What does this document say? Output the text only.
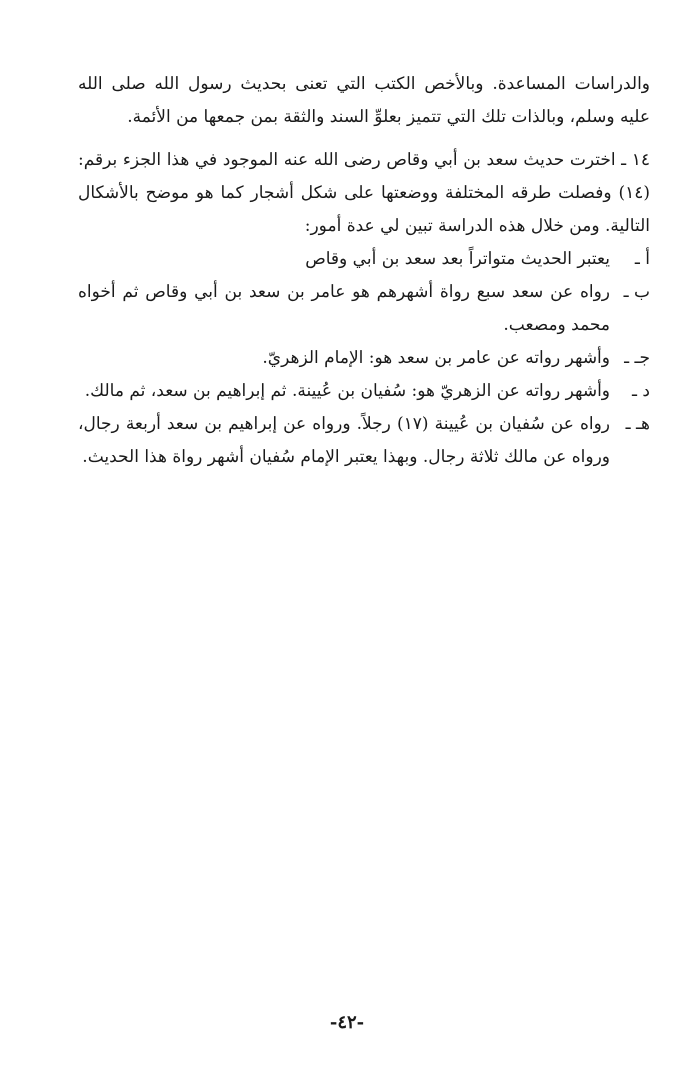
والدراسات المساعدة. وبالأخص الكتب التي تعنى بحديث رسول الله صلى الله عليه وسلم، وبالذات تلك التي تتميز بعلوِّ السند والثقة بمن جمعها من الأئمة.

١٤ ـ اخترت حديث سعد بن أبي وقاص رضى الله عنه الموجود في هذا الجزء برقم: (١٤) وفصلت طرقه المختلفة ووضعتها على شكل أشجار كما هو موضح بالأشكال التالية. ومن خلال هذه الدراسة تبين لي عدة أمور:

أ ـ
يعتبر الحديث متواتراً بعد سعد بن أبي وقاص
ب ـ
رواه عن سعد سبع رواة أشهرهم هو عامر بن سعد بن أبي وقاص ثم أخواه محمد ومصعب.
جـ ـ
وأشهر رواته عن عامر بن سعد هو: الإمام الزهريّ.
د ـ
وأشهر رواته عن الزهريّ هو: سُفيان بن عُيينة. ثم إبراهيم بن سعد، ثم مالك.
هـ ـ
رواه عن سُفيان بن عُيينة (١٧) رجلاً. ورواه عن إبراهيم بن سعد أربعة رجال، ورواه عن مالك ثلاثة رجال. وبهذا يعتبر الإمام سُفيان أشهر رواة هذا الحديث.
-٤٢-
